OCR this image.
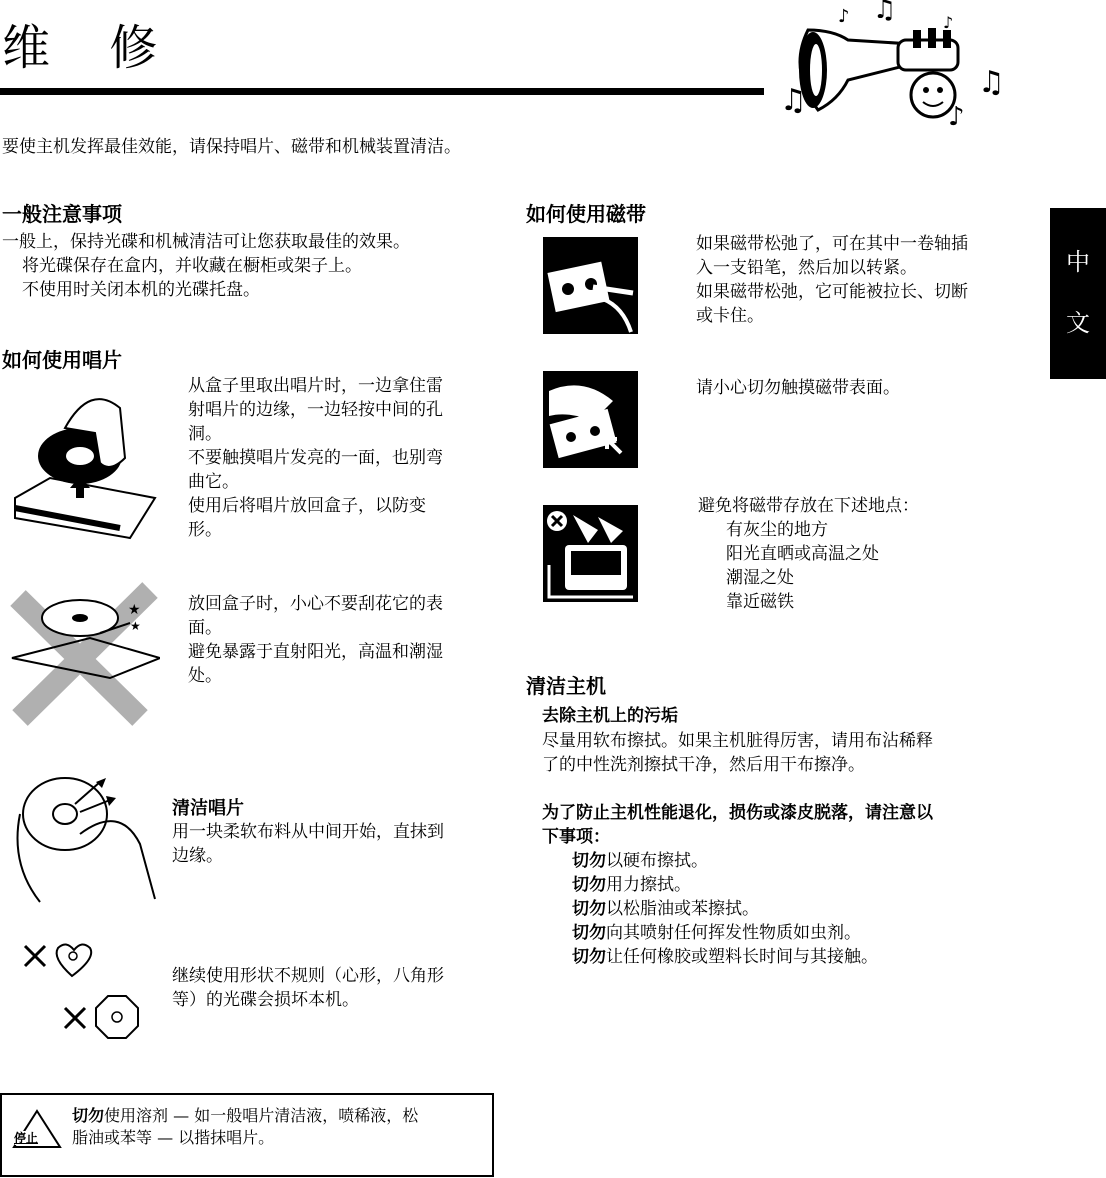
维 修
♫
♪
♫
♫
♪
♪
要使主机发挥最佳效能，请保持唱片、磁带和机械装置清洁。
中
文
一般注意事项

一般上，保持光碟和机械清洁可让您获取最佳的效果。

将光碟保存在盒内，并收藏在橱柜或架子上。

不使用时关闭本机的光碟托盘。

如何使用唱片

从盒子里取出唱片时，一边拿住雷

射唱片的边缘，一边轻按中间的孔

洞。

不要触摸唱片发亮的一面，也别弯

曲它。

使用后将唱片放回盒子，以防变

形。

★
★

放回盒子时，小心不要刮花它的表

面。

避免暴露于直射阳光，高温和潮湿

处。

清洁唱片

用一块柔软布料从中间开始，直抹到

边缘。

继续使用形状不规则（心形，八角形

等）的光碟会损坏本机。

停止

切勿使用溶剂 — 如一般唱片清洁液，喷稀液，松

脂油或苯等 — 以揩抹唱片。

如何使用磁带

如果磁带松弛了，可在其中一卷轴插

入一支铅笔，然后加以转紧。

如果磁带松弛，它可能被拉长、切断

或卡住。

请小心切勿触摸磁带表面。

避免将磁带存放在下述地点：

有灰尘的地方

阳光直晒或高温之处

潮湿之处

靠近磁铁

清洁主机
去除主机上的污垢

尽量用软布擦拭。如果主机脏得厉害，请用布沾稀释

了的中性洗剂擦拭干净，然后用干布擦净。

为了防止主机性能退化，损伤或漆皮脱落，请注意以
下事项：

切勿以硬布擦拭。

切勿用力擦拭。

切勿以松脂油或苯擦拭。

切勿向其喷射任何挥发性物质如虫剂。

切勿让任何橡胶或塑料长时间与其接触。
